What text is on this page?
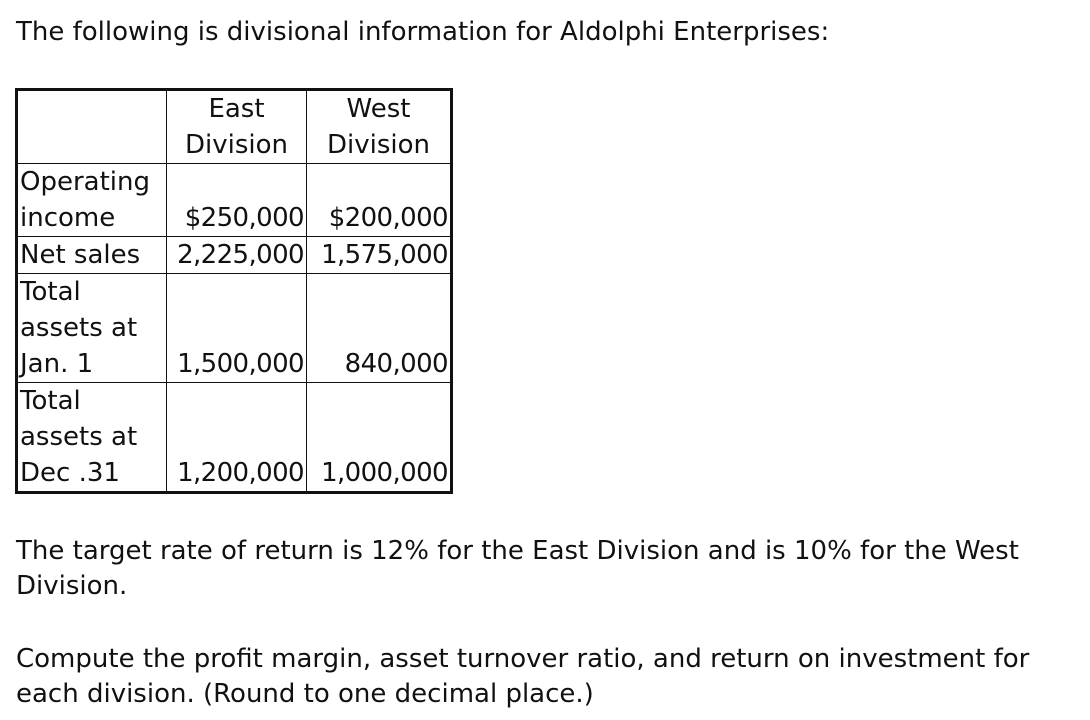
The following is divisional information for Aldolphi Enterprises:
	East Division	West Division
Operating income	$250,000	$200,000
Net sales	2,225,000	1,575,000
Total assets at Jan. 1	1,500,000	840,000
Total assets at Dec .31	1,200,000	1,000,000
The target rate of return is 12% for the East Division and is 10% for the West Division.
Compute the profit margin, asset turnover ratio, and return on investment for each division. (Round to one decimal place.)
